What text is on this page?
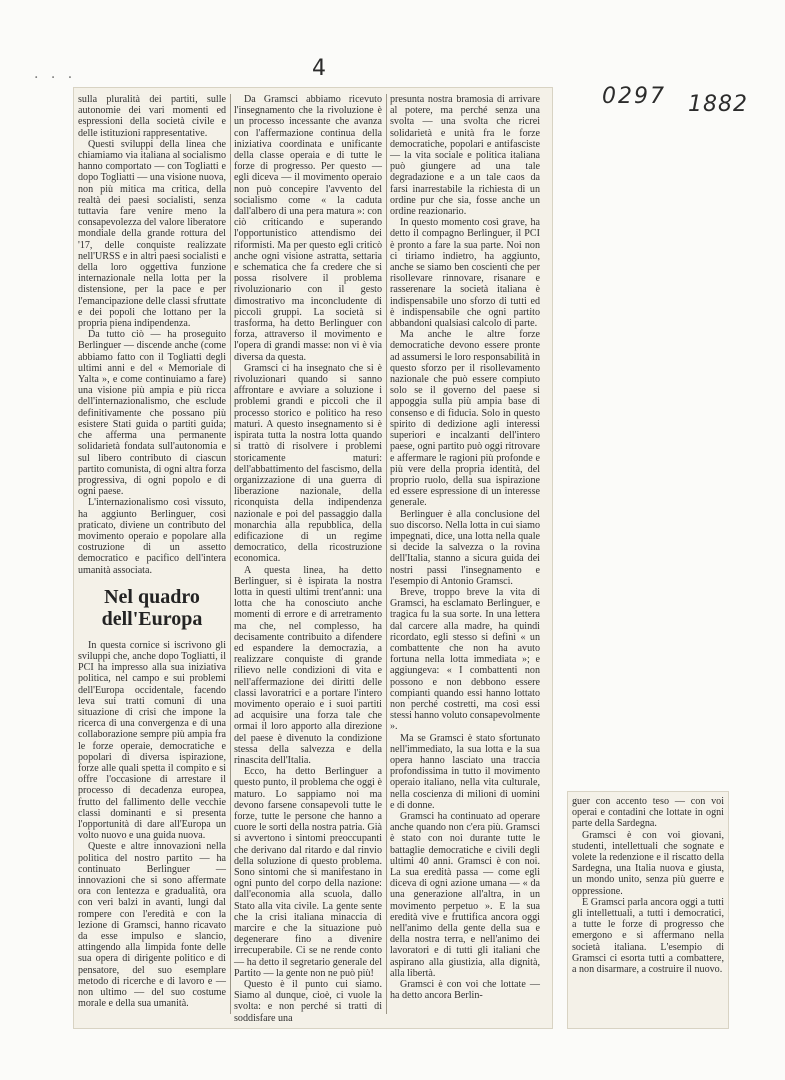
· · ·	4
0297 1882

sulla pluralità dei partiti, sulle autonomie dei vari momenti ed espressioni della società civile e delle istituzioni rappresentative.

Questi sviluppi della linea che chiamiamo via italiana al socialismo hanno comportato — con Togliatti e dopo Togliatti — una visione nuova, non più mitica ma critica, della realtà dei paesi socialisti, senza tuttavia fare venire meno la consapevolezza del valore liberatore mondiale della grande rottura del '17, delle conquiste realizzate nell'URSS e in altri paesi socialisti e della loro oggettiva funzione internazionale nella lotta per la distensione, per la pace e per l'emancipazione delle classi sfruttate e dei popoli che lottano per la propria piena indipendenza.

Da tutto ciò — ha proseguito Berlinguer — discende anche (come abbiamo fatto con il Togliatti degli ultimi anni e del « Memoriale di Yalta », e come continuiamo a fare) una visione più ampia e più ricca dell'internazionalismo, che esclude definitivamente che possano più esistere Stati guida o partiti guida; che afferma una permanente solidarietà fondata sull'autonomia e sul libero contributo di ciascun partito comunista, di ogni altra forza progressiva, di ogni popolo e di ogni paese.

L'internazionalismo così vissuto, ha aggiunto Berlinguer, così praticato, diviene un contributo del movimento operaio e popolare alla costruzione di un assetto democratico e pacifico dell'intera umanità associata.

Nel quadro dell'Europa

In questa cornice si iscrivono gli sviluppi che, anche dopo Togliatti, il PCI ha impresso alla sua iniziativa politica, nel campo e sui problemi dell'Europa occidentale, facendo leva sui tratti comuni di una situazione di crisi che impone la ricerca di una convergenza e di una collaborazione sempre più ampia fra le forze operaie, democratiche e popolari di diversa ispirazione, forze alle quali spetta il compito e si offre l'occasione di arrestare il processo di decadenza europea, frutto del fallimento delle vecchie classi dominanti e si presenta l'opportunità di dare all'Europa un volto nuovo e una guida nuova.

Queste e altre innovazioni nella politica del nostro partito — ha continuato Berlinguer — innovazioni che si sono affermate ora con lentezza e gradualità, ora con veri balzi in avanti, lungi dal rompere con l'eredità e con la lezione di Gramsci, hanno ricavato da esse impulso e slancio, attingendo alla limpida fonte delle sua opera di dirigente politico e di pensatore, del suo esemplare metodo di ricerche e di lavoro e — non ultimo — del suo costume morale e della sua umanità.

Da Gramsci abbiamo ricevuto l'insegnamento che la rivoluzione è un processo incessante che avanza con l'affermazione continua della iniziativa coordinata e unificante della classe operaia e di tutte le forze di progresso. Per questo — egli diceva — il movimento operaio non può concepire l'avvento del socialismo come « la caduta dall'albero di una pera matura »: con ciò criticando e superando l'opportunistico attendismo dei riformisti. Ma per questo egli criticò anche ogni visione astratta, settaria e schematica che fa credere che si possa risolvere il problema rivoluzionario con il gesto dimostrativo ma inconcludente di piccoli gruppi. La società si trasforma, ha detto Berlinguer con forza, attraverso il movimento e l'opera di grandi masse: non vi è via diversa da questa.

Gramsci ci ha insegnato che si è rivoluzionari quando si sanno affrontare e avviare a soluzione i problemi grandi e piccoli che il processo storico e politico ha reso maturi. A questo insegnamento si è ispirata tutta la nostra lotta quando si trattò di risolvere i problemi storicamente maturi: dell'abbattimento del fascismo, della organizzazione di una guerra di liberazione nazionale, della riconquista della indipendenza nazionale e poi del passaggio dalla monarchia alla repubblica, della edificazione di un regime democratico, della ricostruzione economica.

A questa linea, ha detto Berlinguer, si è ispirata la nostra lotta in questi ultimi trent'anni: una lotta che ha conosciuto anche momenti di errore e di arretramento ma che, nel complesso, ha decisamente contribuito a difendere ed espandere la democrazia, a realizzare conquiste di grande rilievo nelle condizioni di vita e nell'affermazione dei diritti delle classi lavoratrici e a portare l'intero movimento operaio e i suoi partiti ad acquisire una forza tale che ormai il loro apporto alla direzione del paese è divenuto la condizione stessa della salvezza e della rinascita dell'Italia.

Ecco, ha detto Berlinguer a questo punto, il problema che oggi è maturo. Lo sappiamo noi ma devono farsene consapevoli tutte le forze, tutte le persone che hanno a cuore le sorti della nostra patria. Già si avvertono i sintomi preoccupanti che derivano dal ritardo e dal rinvio della soluzione di questo problema. Sono sintomi che si manifestano in ogni punto del corpo della nazione: dall'economia alla scuola, dallo Stato alla vita civile. La gente sente che la crisi italiana minaccia di marcire e che la situazione può degenerare fino a divenire irrecuperabile. Ci se ne rende conto — ha detto il segretario generale del Partito — la gente non ne può più!

Questo è il punto cui siamo. Siamo al dunque, cioè, ci vuole la svolta: e non perché si tratti di soddisfare una

presunta nostra bramosia di arrivare al potere, ma perché senza una svolta — una svolta che ricrei solidarietà e unità fra le forze democratiche, popolari e antifasciste — la vita sociale e politica italiana può giungere ad una tale degradazione e a un tale caos da farsi inarrestabile la richiesta di un ordine pur che sia, fosse anche un ordine reazionario.

In questo momento così grave, ha detto il compagno Berlinguer, il PCI è pronto a fare la sua parte. Noi non ci tiriamo indietro, ha aggiunto, anche se siamo ben coscienti che per risollevare rinnovare, risanare e rasserenare la società italiana è indispensabile uno sforzo di tutti ed è indispensabile che ogni partito abbandoni qualsiasi calcolo di parte.

Ma anche le altre forze democratiche devono essere pronte ad assumersi le loro responsabilità in questo sforzo per il risollevamento nazionale che può essere compiuto solo se il governo del paese si appoggia sulla più ampia base di consenso e di fiducia. Solo in questo spirito di dedizione agli interessi superiori e incalzanti dell'intero paese, ogni partito può oggi ritrovare e affermare le ragioni più profonde e più vere della propria identità, del proprio ruolo, della sua ispirazione ed essere espressione di un interesse generale.

Berlinguer è alla conclusione del suo discorso. Nella lotta in cui siamo impegnati, dice, una lotta nella quale si decide la salvezza o la rovina dell'Italia, stanno a sicura guida dei nostri passi l'insegnamento e l'esempio di Antonio Gramsci.

Breve, troppo breve la vita di Gramsci, ha esclamato Berlinguer, e tragica fu la sua sorte. In una lettera dal carcere alla madre, ha quindi ricordato, egli stesso si definì « un combattente che non ha avuto fortuna nella lotta immediata »; e aggiungeva: « I combattenti non possono e non debbono essere compianti quando essi hanno lottato non perché costretti, ma così essi stessi hanno voluto consapevolmente ».

Ma se Gramsci è stato sfortunato nell'immediato, la sua lotta e la sua opera hanno lasciato una traccia profondissima in tutto il movimento operaio italiano, nella vita culturale, nella coscienza di milioni di uomini e di donne.

Gramsci ha continuato ad operare anche quando non c'era più. Gramsci è stato con noi durante tutte le battaglie democratiche e civili degli ultimi 40 anni. Gramsci è con noi. La sua eredità passa — come egli diceva di ogni azione umana — « da una generazione all'altra, in un movimento perpetuo ». E la sua eredità vive e fruttifica ancora oggi nell'animo della gente della sua e della nostra terra, e nell'animo dei lavoratori e di tutti gli italiani che aspirano alla giustizia, alla dignità, alla libertà.

Gramsci è con voi che lottate — ha detto ancora Berlin-

guer con accento teso — con voi operai e contadini che lottate in ogni parte della Sardegna.

Gramsci è con voi giovani, studenti, intellettuali che sognate e volete la redenzione e il riscatto della Sardegna, una Italia nuova e giusta, un mondo unito, senza più guerre e oppressione.

E Gramsci parla ancora oggi a tutti gli intellettuali, a tutti i democratici, a tutte le forze di progresso che emergono e si affermano nella società italiana. L'esempio di Gramsci ci esorta tutti a combattere, a non disarmare, a costruire il nuovo.
